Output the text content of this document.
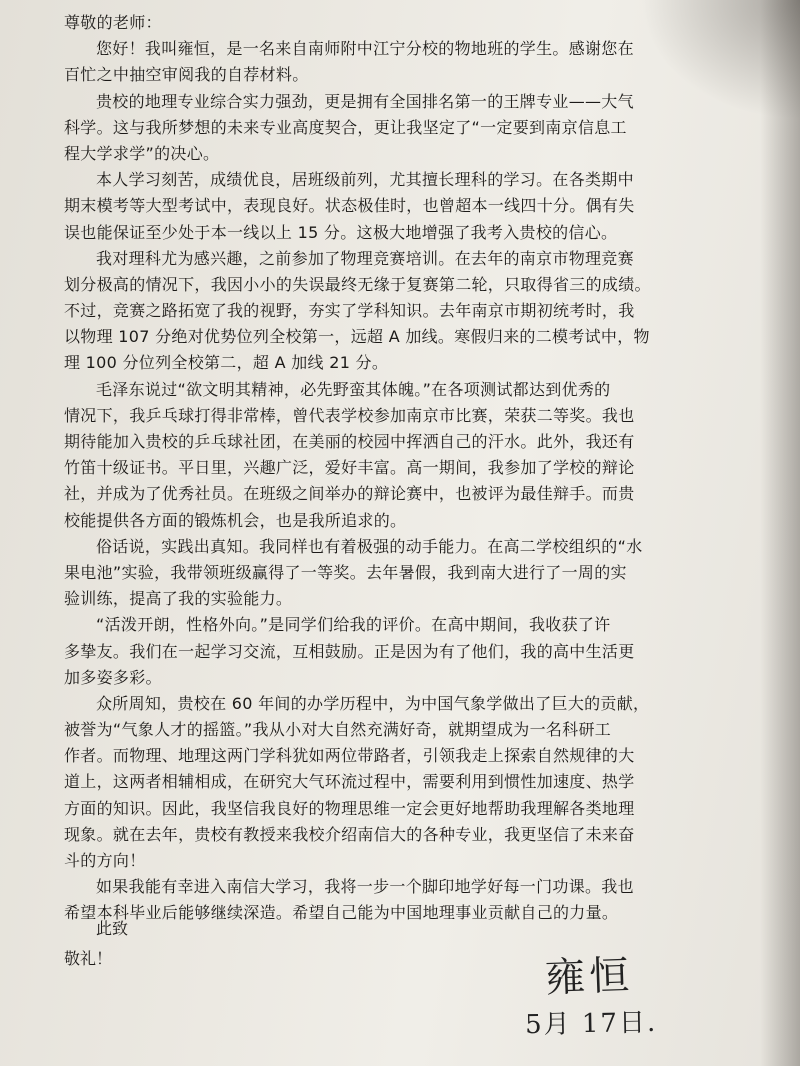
尊敬的老师：
您好！我叫雍恒，是一名来自南师附中江宁分校的物地班的学生。感谢您在
百忙之中抽空审阅我的自荐材料。
贵校的地理专业综合实力强劲，更是拥有全国排名第一的王牌专业——大气
科学。这与我所梦想的未来专业高度契合，更让我坚定了“一定要到南京信息工
程大学求学”的决心。
本人学习刻苦，成绩优良，居班级前列，尤其擅长理科的学习。在各类期中
期末模考等大型考试中，表现良好。状态极佳时，也曾超本一线四十分。偶有失
误也能保证至少处于本一线以上 15 分。这极大地增强了我考入贵校的信心。
我对理科尤为感兴趣，之前参加了物理竞赛培训。在去年的南京市物理竞赛
划分极高的情况下，我因小小的失误最终无缘于复赛第二轮，只取得省三的成绩。
不过，竞赛之路拓宽了我的视野，夯实了学科知识。去年南京市期初统考时，我
以物理 107 分绝对优势位列全校第一，远超 A 加线。寒假归来的二模考试中，物
理 100 分位列全校第二，超 A 加线 21 分。
毛泽东说过“欲文明其精神，必先野蛮其体魄。”在各项测试都达到优秀的
情况下，我乒乓球打得非常棒，曾代表学校参加南京市比赛，荣获二等奖。我也
期待能加入贵校的乒乓球社团，在美丽的校园中挥洒自己的汗水。此外，我还有
竹笛十级证书。平日里，兴趣广泛，爱好丰富。高一期间，我参加了学校的辩论
社，并成为了优秀社员。在班级之间举办的辩论赛中，也被评为最佳辩手。而贵
校能提供各方面的锻炼机会，也是我所追求的。
俗话说，实践出真知。我同样也有着极强的动手能力。在高二学校组织的“水
果电池”实验，我带领班级赢得了一等奖。去年暑假，我到南大进行了一周的实
验训练，提高了我的实验能力。
“活泼开朗，性格外向。”是同学们给我的评价。在高中期间，我收获了许
多挚友。我们在一起学习交流，互相鼓励。正是因为有了他们，我的高中生活更
加多姿多彩。
众所周知，贵校在 60 年间的办学历程中，为中国气象学做出了巨大的贡献，
被誉为“气象人才的摇篮。”我从小对大自然充满好奇，就期望成为一名科研工
作者。而物理、地理这两门学科犹如两位带路者，引领我走上探索自然规律的大
道上，这两者相辅相成，在研究大气环流过程中，需要利用到惯性加速度、热学
方面的知识。因此，我坚信我良好的物理思维一定会更好地帮助我理解各类地理
现象。就在去年，贵校有教授来我校介绍南信大的各种专业，我更坚信了未来奋
斗的方向！
如果我能有幸进入南信大学习，我将一步一个脚印地学好每一门功课。我也
希望本科毕业后能够继续深造。希望自己能为中国地理事业贡献自己的力量。
此致
敬礼！	雍恒
5月 17日.
